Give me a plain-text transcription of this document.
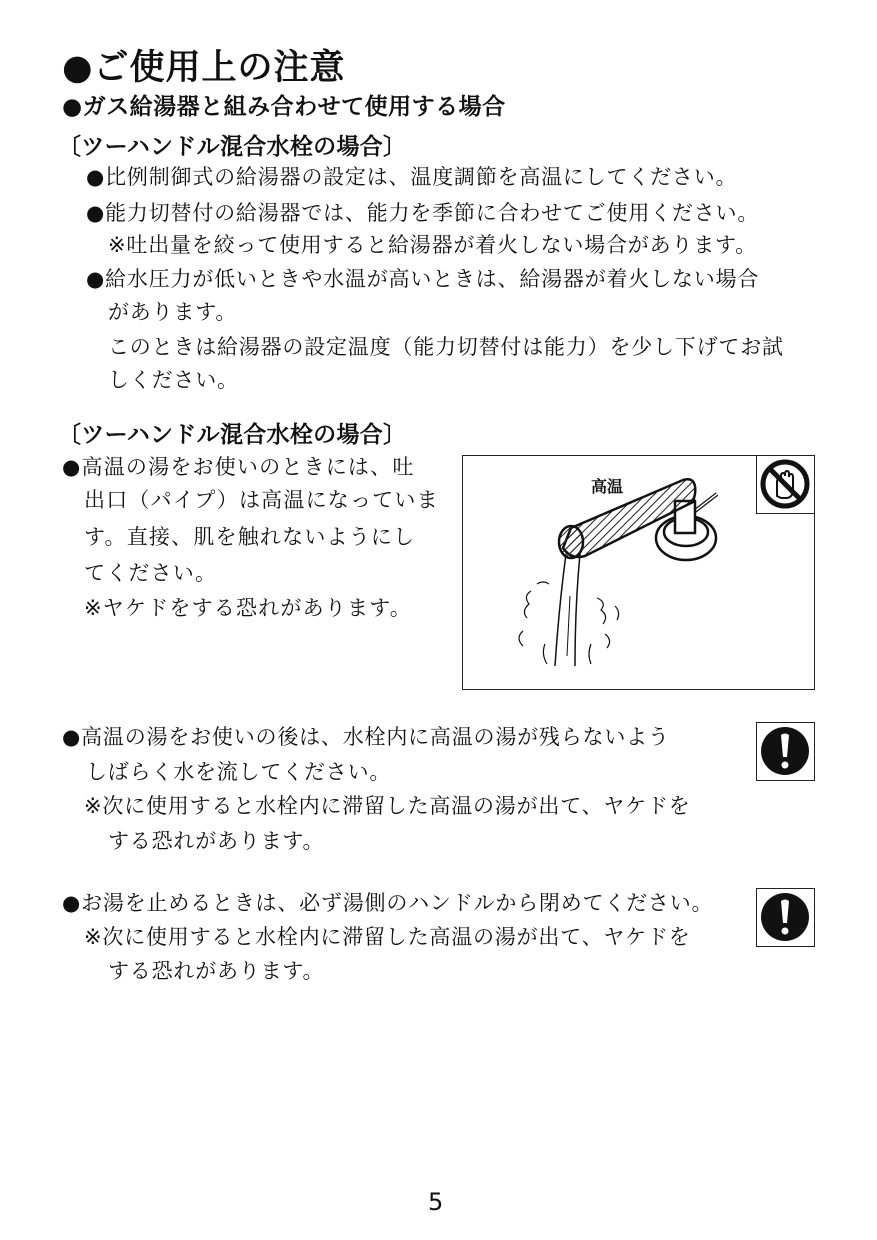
●ご使用上の注意
●ガス給湯器と組み合わせて使用する場合
〔ツーハンドル混合水栓の場合〕
●比例制御式の給湯器の設定は、温度調節を高温にしてください。
●能力切替付の給湯器では、能力を季節に合わせてご使用ください。
※吐出量を絞って使用すると給湯器が着火しない場合があります。
●給水圧力が低いときや水温が高いときは、給湯器が着火しない場合
があります。
このときは給湯器の設定温度（能力切替付は能力）を少し下げてお試
しください。
〔ツーハンドル混合水栓の場合〕
●高温の湯をお使いのときには、吐
出口（パイプ）は高温になっていま
す。直接、肌を触れないようにし
てください。
※ヤケドをする恐れがあります。
高温
●高温の湯をお使いの後は、水栓内に高温の湯が残らないよう
しばらく水を流してください。
※次に使用すると水栓内に滞留した高温の湯が出て、ヤケドを
する恐れがあります。
●お湯を止めるときは、必ず湯側のハンドルから閉めてください。
※次に使用すると水栓内に滞留した高温の湯が出て、ヤケドを
する恐れがあります。
5
